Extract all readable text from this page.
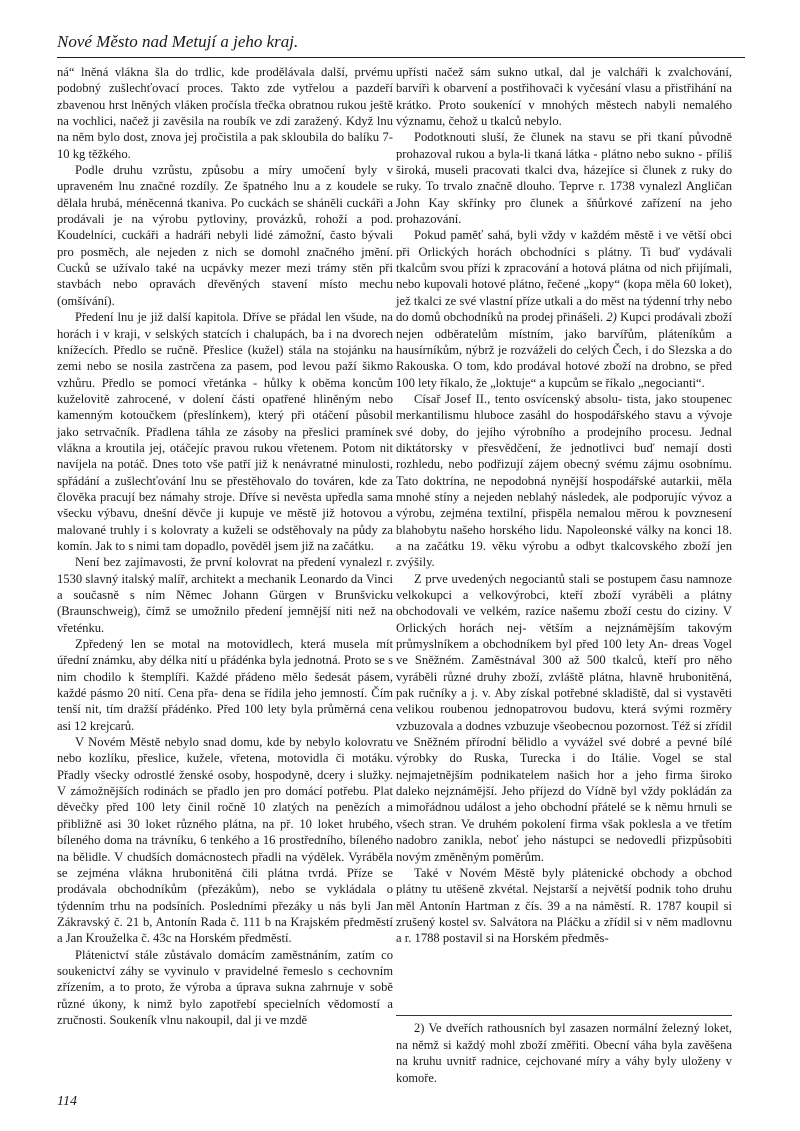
Nové Město nad Metují a jeho kraj.

ná“ lněná vlákna šla do trdlic, kde prodělávala další, prvému podobný zušlechťovací proces. Takto zde vytřelou a pazdeří zbavenou hrst lněných vláken pročísla třečka obratnou rukou ještě na vochlici, načež ji zavěsila na roubík ve zdi zaražený. Když lnu na něm bylo dost, znova jej pročistila a pak skloubila do balíku 7-10 kg těžkého.

Podle druhu vzrůstu, způsobu a míry umočení byly v upraveném lnu značné rozdíly. Ze špatného lnu a z koudele se dělala hrubá, méněcenná tkaniva. Po cuckách se sháněli cuckáři a prodávali je na výrobu pytloviny, provázků, rohoží a pod. Koudelníci, cuckáři a hadráři nebyli lidé zámožní, často bývali pro posměch, ale nejeden z nich se domohl značného jmění. Cucků se užívalo také na ucpávky mezer mezi trámy stěn při stavbách nebo opravách dřevěných stavení místo mechu (omšívání).

Předení lnu je již další kapitola. Dříve se přádal len všude, na horách i v kraji, v selských statcích i chalupách, ba i na dvorech knížecích. Předlo se ručně. Přeslice (kužel) stála na stojánku na zemi nebo se nosila zastrčena za pasem, pod levou paží šikmo vzhůru. Předlo se pomocí vřetánka - hůlky k oběma koncům kuželovitě zahrocené, v dolení části opatřené hliněným nebo kamenným kotoučkem (přeslínkem), který při otáčení působil jako setrvačník. Přadlena táhla ze zásoby na přeslici pramínek vlákna a kroutila jej, otáčejíc pravou rukou vřetenem. Potom nit navíjela na potáč. Dnes toto vše patří již k nenávratné minulosti, spřádání a zušlechťování lnu se přestěhovalo do továren, kde za člověka pracují bez námahy stroje. Dříve si nevěsta upředla sama všecku výbavu, dnešní děvče ji kupuje ve městě již hotovou a malované truhly i s kolovraty a kuželi se odstěhovaly na půdy za komín. Jak to s nimi tam dopadlo, pověděl jsem již na začátku.

Není bez zajímavosti, že první kolovrat na předení vynalezl r. 1530 slavný italský malíř, architekt a mechanik Leonardo da Vinci a současně s ním Němec Johann Gürgen v Brunšvicku (Braunschweig), čímž se umožnilo předení jemnější niti než na vřeténku.

Zpředený len se motal na motovidlech, která musela mít úřední známku, aby délka nití u přádénka byla jednotná. Proto se s nim chodilo k štemplíři. Každé přádeno mělo šedesát pásem, každé pásmo 20 nití. Cena přa- dena se řídila jeho jemností. Čím tenší nit, tím dražší přádénko. Před 100 lety byla průměrná cena asi 12 krejcarů.

V Novém Městě nebylo snad domu, kde by nebylo kolovratu nebo kozlíku, přeslice, kužele, vřetena, motovidla či motáku. Přadly všecky odrostlé ženské osoby, hospodyně, dcery i služky. V zámožnějších rodinách se přadlo jen pro domácí potřebu. Plat děvečky před 100 lety činil ročně 10 zlatých na penězích a přibližně asi 30 loket různého plátna, na př. 10 loket hrubého, bíleného doma na trávníku, 6 tenkého a 16 prostředního, bíleného na bělidle. V chudších domácnostech přadli na výdělek. Vyráběla se zejména vlákna hrubonitěná čili plátna tvrdá. Příze se prodávala obchodníkům (přezákům), nebo se vykládala o týdenním trhu na podsíních. Posledními přezáky u nás byli Jan Zákravský č. 21 b, Antonín Rada č. 111 b na Krajském předměstí a Jan Krouželka č. 43c na Horském předměstí.

Plátenictví stále zůstávalo domácím zaměstnáním, zatím co soukenictví záhy se vyvinulo v pravidelné řemeslo s cechovním zřízením, a to proto, že výroba a úprava sukna zahrnuje v sobě různé úkony, k nimž bylo zapotřebí specielních vědomostí a zručnosti. Soukeník vlnu nakoupil, dal ji ve mzdě

upřísti načež sám sukno utkal, dal je valcháři k zvalchování, barvíři k obarvení a postřihovači k vyčesání vlasu a přistřihání na krátko. Proto soukenící v mnohých městech nabyli nemalého významu, čehož u tkalců nebylo.

Podotknouti sluší, že člunek na stavu se při tkaní původně prohazoval rukou a byla-li tkaná látka - plátno nebo sukno - příliš široká, museli pracovati tkalci dva, házejíce si člunek z ruky do ruky. To trvalo značně dlouho. Teprve r. 1738 vynalezl Angličan John Kay skřínky pro člunek a šňůrkové zařízení na jeho prohazování.

Pokud paměť sahá, byli vždy v každém městě i ve větší obci při Orlických horách obchodníci s plátny. Ti buď vydávali tkalcům svou přízi k zpracování a hotová plátna od nich přijímali, nebo kupovali hotové plátno, řečené „kopy“ (kopa měla 60 loket), jež tkalci ze své vlastní příze utkali a do měst na týdenní trhy nebo do domů obchodníků na prodej přinášeli. 2) Kupci prodávali zboží nejen odběratelům místním, jako barvířům, pláteníkům a hausírníkům, nýbrž je rozváželi do celých Čech, i do Slezska a do Rakouska. O tom, kdo prodával hotové zboží na drobno, se před 100 lety říkalo, že „loktuje“ a kupcům se říkalo „negocianti“.

Císař Josef II., tento osvícenský absolu- tista, jako stoupenec merkantilismu hluboce zasáhl do hospodářského stavu a vývoje své doby, do jejího výrobního a prodejního procesu. Jednal diktátorsky v přesvědčení, že jednotlivci buď nemají dosti rozhledu, nebo podřizují zájem obecný svému zájmu osobnímu. Tato doktrína, ne nepodobná nynější hospodářské autarkii, měla mnohé stíny a nejeden neblahý následek, ale podporujíc vývoz a výrobu, zejména textilní, přispěla nemalou měrou k povznesení blahobytu našeho horského lidu. Napoleonské války na konci 18. a na začátku 19. věku výrobu a odbyt tkalcovského zboží jen zvýšily.

Z prve uvedených negociantů stali se postupem času namnoze velkokupci a velkovýrobci, kteří zboží vyráběli a plátny obchodovali ve velkém, razíce našemu zboží cestu do ciziny. V Orlických horách nej- větším a nejznámějším takovým průmyslníkem a obchodníkem byl před 100 lety An- dreas Vogel ve Sněžném. Zaměstnával 300 až 500 tkalců, kteří pro něho vyráběli různé druhy zboží, zvláště plátna, hlavně hrubonitěná, pak ručníky a j. v. Aby získal potřebné skladiště, dal si vystavěti velikou roubenou jednopatrovou budovu, která svými rozměry vzbuzovala a dodnes vzbuzuje všeobecnou pozornost. Též si zřídil ve Sněžném přírodní bělidlo a vyvážel své dobré a pevné bílé výrobky do Ruska, Turecka i do Itálie. Vogel se stal nejmajetnějším podnikatelem našich hor a jeho firma široko daleko nejznámější. Jeho příjezd do Vídně byl vždy pokládán za mimořádnou událost a jeho obchodní přátelé se k němu hrnuli se všech stran. Ve druhém pokolení firma však poklesla a ve třetím nadobro zanikla, neboť jeho nástupci se nedovedli přizpůsobiti novým změněným poměrům.

Také v Novém Městě byly plátenické obchody a obchod plátny tu utěšeně zkvétal. Nejstarší a největší podnik toho druhu měl Antonín Hartman z čís. 39 a na náměstí. R. 1787 koupil si zrušený kostel sv. Salvátora na Pláčku a zřídil si v něm madlovnu a r. 1788 postavil si na Horském předměs-

2) Ve dveřích rathousních byl zasazen normální železný loket, na němž si každý mohl zboží změřiti. Obecní váha byla zavěšena na kruhu uvnitř radnice, cejchované míry a váhy byly uloženy v komoře.
114
